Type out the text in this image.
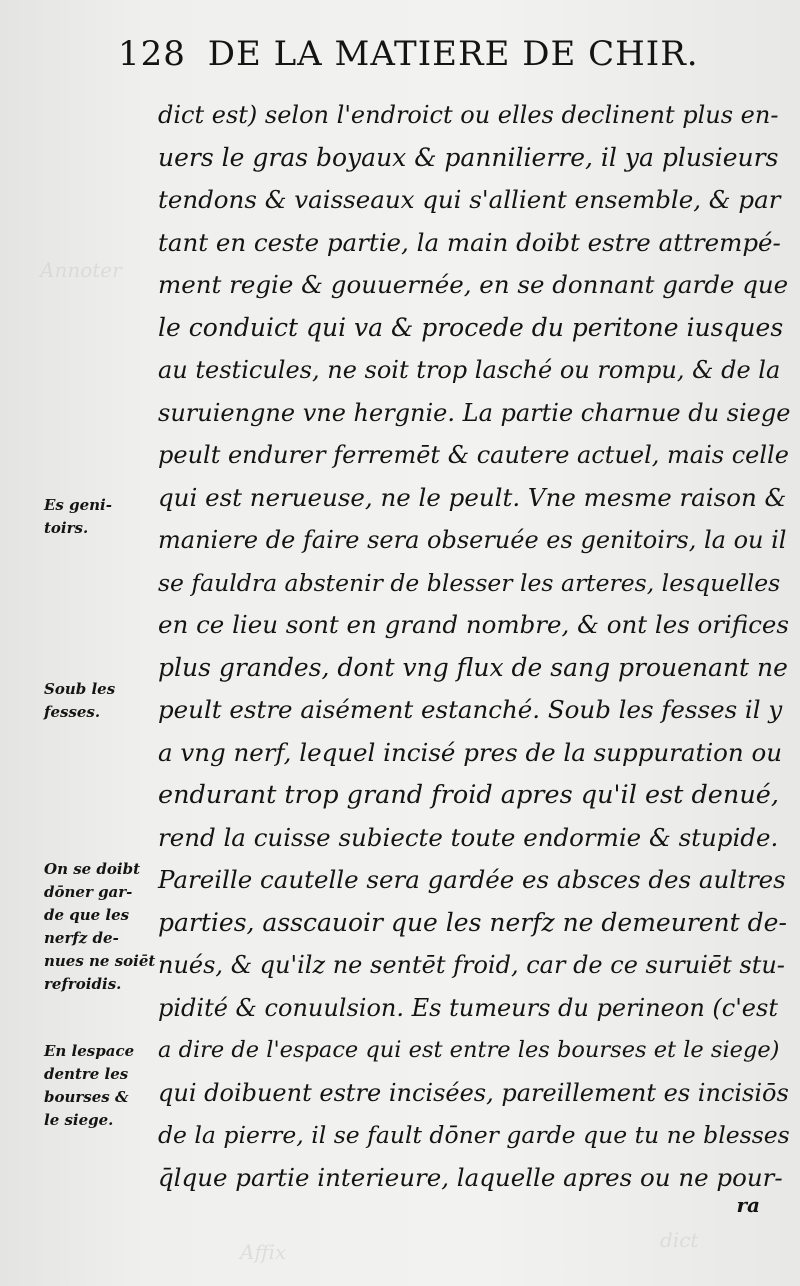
Annoter
dict
Affix
128 DE LA MATIERE DE CHIR.
dict est) selon l'endroict ou elles declinent plus en-
uers le gras boyaux & pannilierre, il ya plusieurs
tendons & vaisseaux qui s'allient ensemble, & par
tant en ceste partie, la main doibt estre attrempé-
ment regie & gouuernée, en se donnant garde que
le conduict qui va & procede du peritone iusques
au testicules, ne soit trop lasché ou rompu, & de la
suruiengne vne hergnie. La partie charnue du siege
peult endurer ferremēt & cautere actuel, mais celle
qui est nerueuse, ne le peult. Vne mesme raison &
maniere de faire sera obseruée es genitoirs, la ou il
se fauldra abstenir de blesser les arteres, lesquelles
en ce lieu sont en grand nombre, & ont les orifices
plus grandes, dont vng flux de sang prouenant ne
peult estre aisément estanché. Soub les fesses il y
a vng nerf, lequel incisé pres de la suppuration ou
endurant trop grand froid apres qu'il est denué,
rend la cuisse subiecte toute endormie & stupide.
Pareille cautelle sera gardée es absces des aultres
parties, asscauoir que les nerfz ne demeurent de-
nués, & qu'ilz ne sentēt froid, car de ce suruiēt stu-
pidité & conuulsion. Es tumeurs du perineon (c'est
a dire de l'espace qui est entre les bourses et le siege)
qui doibuent estre incisées, pareillement es incisiōs
de la pierre, il se fault dōner garde que tu ne blesses
q̄lque partie interieure, laquelle apres ou ne pour-
Es geni-
toirs.
Soub les
fesses.
On se doibt
dōner gar-
de que les
nerfz de-
nues ne soiēt
refroidis.
En lespace
dentre les
bourses &
le siege.
ra
